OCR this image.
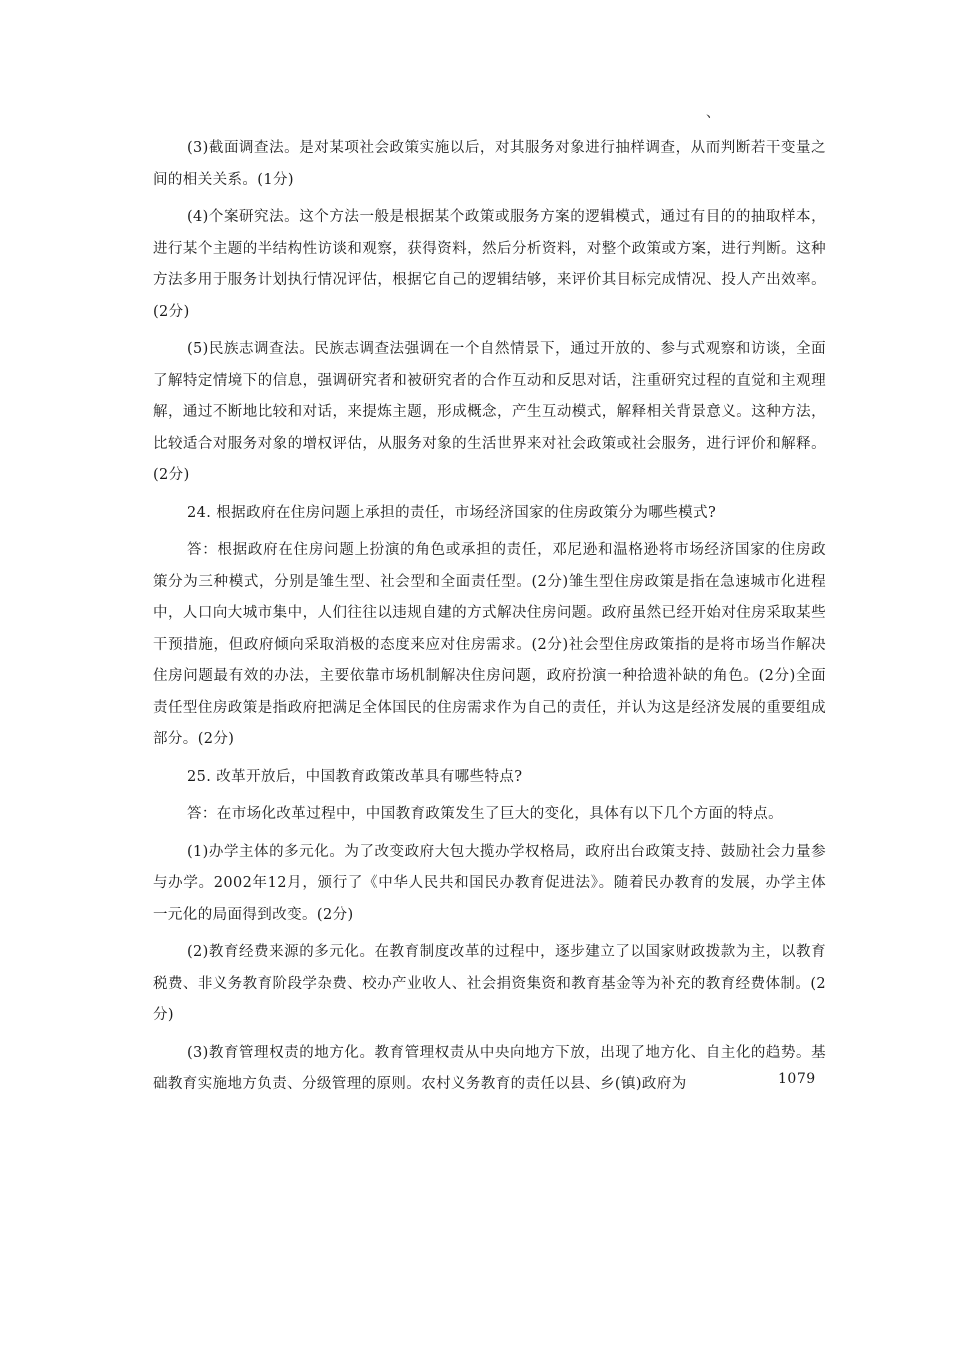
、

(3)截面调查法。是对某项社会政策实施以后，对其服务对象进行抽样调查，从而判断若干变量之间的相关关系。(1分)

(4)个案研究法。这个方法一般是根据某个政策或服务方案的逻辑模式，通过有目的的抽取样本，进行某个主题的半结构性访谈和观察，获得资料，然后分析资料，对整个政策或方案，进行判断。这种方法多用于服务计划执行情况评估，根据它自己的逻辑结够，来评价其目标完成情况、投人产出效率。(2分)

(5)民族志调查法。民族志调查法强调在一个自然情景下，通过开放的、参与式观察和访谈，全面了解特定情境下的信息，强调研究者和被研究者的合作互动和反思对话，注重研究过程的直觉和主观理解，通过不断地比较和对话，来提炼主题，形成概念，产生互动模式，解释相关背景意义。这种方法，比较适合对服务对象的增权评估，从服务对象的生活世界来对社会政策或社会服务，进行评价和解释。(2分)

24. 根据政府在住房问题上承担的责任，市场经济国家的住房政策分为哪些模式?

答：根据政府在住房问题上扮演的角色或承担的责任，邓尼逊和温格逊将市场经济国家的住房政策分为三种模式，分别是雏生型、社会型和全面责任型。(2分)雏生型住房政策是指在急速城市化进程中，人口向大城市集中，人们往往以违规自建的方式解决住房问题。政府虽然已经开始对住房采取某些干预措施，但政府倾向采取消极的态度来应对住房需求。(2分)社会型住房政策指的是将市场当作解决住房问题最有效的办法，主要依靠市场机制解决住房问题，政府扮演一种拾遗补缺的角色。(2分)全面责任型住房政策是指政府把满足全体国民的住房需求作为自己的责任，并认为这是经济发展的重要组成部分。(2分)

25. 改革开放后，中国教育政策改革具有哪些特点?

答：在市场化改革过程中，中国教育政策发生了巨大的变化，具体有以下几个方面的特点。

(1)办学主体的多元化。为了改变政府大包大揽办学权格局，政府出台政策支持、鼓励社会力量参与办学。2002年12月，颁行了《中华人民共和国民办教育促进法》。随着民办教育的发展，办学主体一元化的局面得到改变。(2分)

(2)教育经费来源的多元化。在教育制度改革的过程中，逐步建立了以国家财政拨款为主，以教育税费、非义务教育阶段学杂费、校办产业收人、社会捐资集资和教育基金等为补充的教育经费体制。(2分)

(3)教育管理权责的地方化。教育管理权责从中央向地方下放，出现了地方化、自主化的趋势。基础教育实施地方负责、分级管理的原则。农村义务教育的责任以县、乡(镇)政府为	1079
